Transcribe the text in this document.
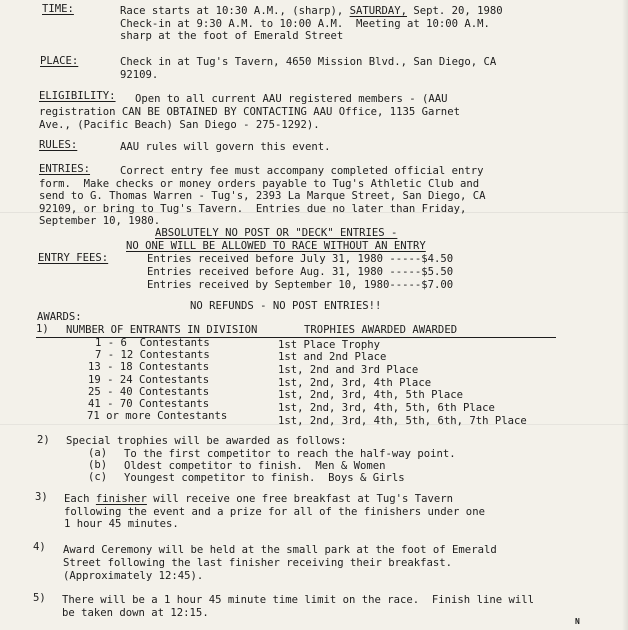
TIME:	Race starts at 10:30 A.M., (sharp), SATURDAY, Sept. 20, 1980
Check-in at 9:30 A.M. to 10:00 A.M.  Meeting at 10:00 A.M.
sharp at the foot of Emerald Street
PLACE:	Check in at Tug's Tavern, 4650 Mission Blvd., San Diego, CA
92109.
ELIGIBILITY: Open to all current AAU registered members - (AAU
registration CAN BE OBTAINED BY CONTACTING AAU Office, 1135 Garnet
Ave., (Pacific Beach) San Diego - 275-1292).
RULES:	AAU rules will govern this event.
ENTRIES:	Correct entry fee must accompany completed official entry
form.  Make checks or money orders payable to Tug's Athletic Club and
send to G. Thomas Warren - Tug's, 2393 La Marque Street, San Diego, CA
92109, or bring to Tug's Tavern.  Entries due no later than Friday,
September 10, 1980.
ABSOLUTELY NO POST OR "DECK" ENTRIES -
NO ONE WILL BE ALLOWED TO RACE WITHOUT AN ENTRY
ENTRY FEES:	Entries received before July 31, 1980 -----$4.50
Entries received before Aug. 31, 1980 -----$5.50
Entries received by September 10, 1980-----$7.00
NO REFUNDS - NO POST ENTRIES!!
AWARDS:
1) NUMBER OF ENTRANTS IN DIVISION	TROPHIES AWARDED AWARDED
1 - 6  Contestants	1st Place Trophy
7 - 12 Contestants	1st and 2nd Place
13 - 18 Contestants	1st, 2nd and 3rd Place
19 - 24 Contestants	1st, 2nd, 3rd, 4th Place
25 - 40 Contestants	1st, 2nd, 3rd, 4th, 5th Place
41 - 70 Contestants	1st, 2nd, 3rd, 4th, 5th, 6th Place
71 or more Contestants	1st, 2nd, 3rd, 4th, 5th, 6th, 7th Place
2) Special trophies will be awarded as follows:
(a) To the first competitor to reach the half-way point.
(b) Oldest competitor to finish.  Men & Women
(c) Youngest competitor to finish.  Boys & Girls
3) Each finisher will receive one free breakfast at Tug's Tavern
following the event and a prize for all of the finishers under one
1 hour 45 minutes.
4) Award Ceremony will be held at the small park at the foot of Emerald
Street following the last finisher receiving their breakfast.
(Approximately 12:45).
5) There will be a 1 hour 45 minute time limit on the race.  Finish line will
be taken down at 12:15.
N
